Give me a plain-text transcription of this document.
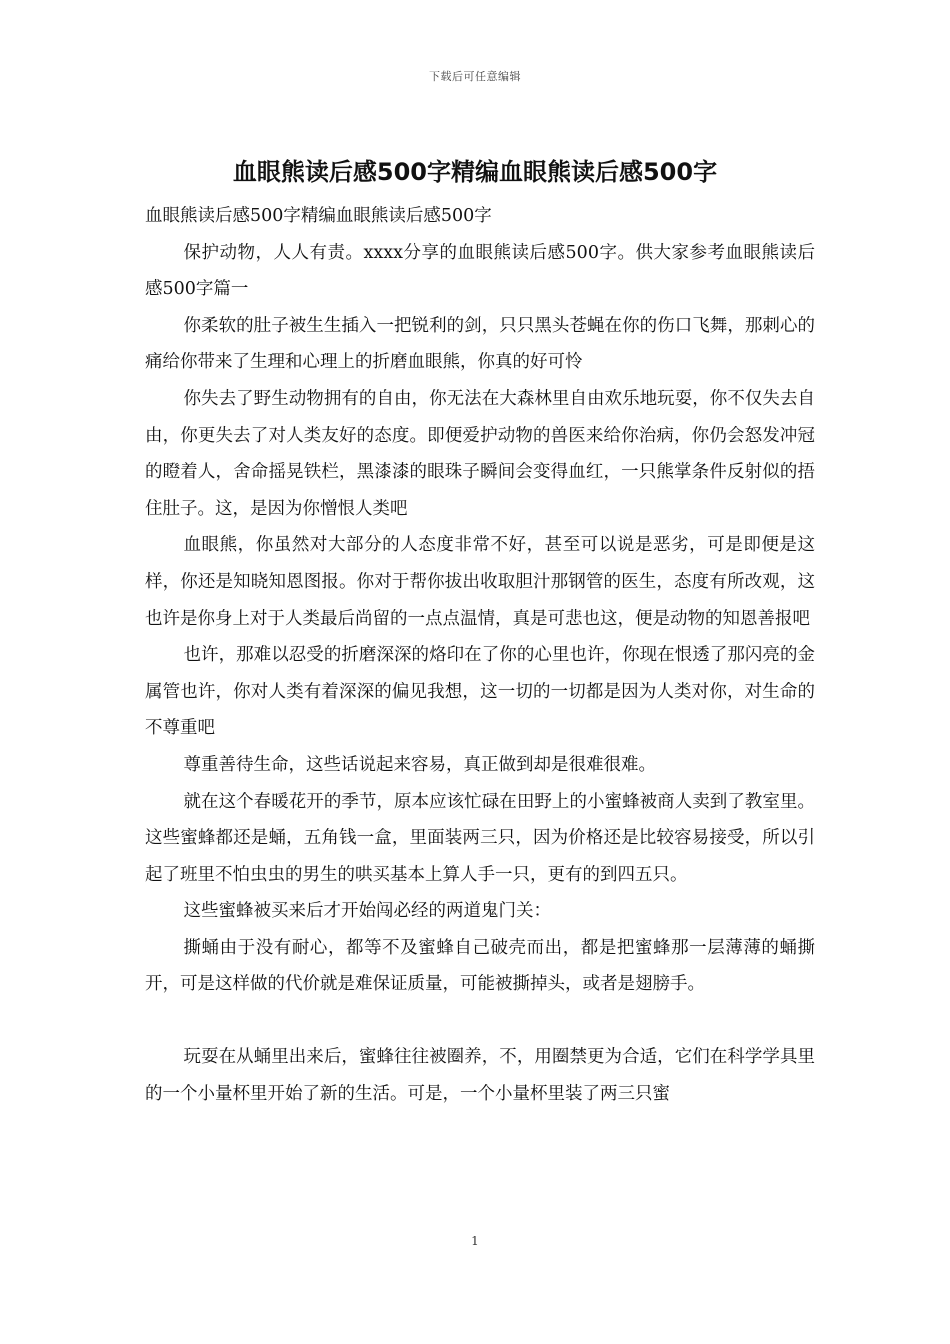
下载后可任意编辑
血眼熊读后感500字精编血眼熊读后感500字

血眼熊读后感500字精编血眼熊读后感500字

保护动物，人人有责。xxxx分享的血眼熊读后感500字。供大家参考血眼熊读后感500字篇一

你柔软的肚子被生生插入一把锐利的剑，只只黑头苍蝇在你的伤口飞舞，那刺心的痛给你带来了生理和心理上的折磨血眼熊，你真的好可怜

你失去了野生动物拥有的自由，你无法在大森林里自由欢乐地玩耍，你不仅失去自由，你更失去了对人类友好的态度。即便爱护动物的兽医来给你治病，你仍会怒发冲冠的瞪着人，舍命摇晃铁栏，黑漆漆的眼珠子瞬间会变得血红，一只熊掌条件反射似的捂住肚子。这，是因为你憎恨人类吧

血眼熊，你虽然对大部分的人态度非常不好，甚至可以说是恶劣，可是即便是这样，你还是知晓知恩图报。你对于帮你拔出收取胆汁那钢管的医生，态度有所改观，这也许是你身上对于人类最后尚留的一点点温情，真是可悲也这，便是动物的知恩善报吧

也许，那难以忍受的折磨深深的烙印在了你的心里也许，你现在恨透了那闪亮的金属管也许，你对人类有着深深的偏见我想，这一切的一切都是因为人类对你，对生命的不尊重吧

尊重善待生命，这些话说起来容易，真正做到却是很难很难。

就在这个春暖花开的季节，原本应该忙碌在田野上的小蜜蜂被商人卖到了教室里。这些蜜蜂都还是蛹，五角钱一盒，里面装两三只，因为价格还是比较容易接受，所以引起了班里不怕虫虫的男生的哄买基本上算人手一只，更有的到四五只。

这些蜜蜂被买来后才开始闯必经的两道鬼门关：

撕蛹由于没有耐心，都等不及蜜蜂自己破壳而出，都是把蜜蜂那一层薄薄的蛹撕开，可是这样做的代价就是难保证质量，可能被撕掉头，或者是翅膀手。

玩耍在从蛹里出来后，蜜蜂往往被圈养，不，用圈禁更为合适，它们在科学学具里的一个小量杯里开始了新的生活。可是，一个小量杯里装了两三只蜜

1
